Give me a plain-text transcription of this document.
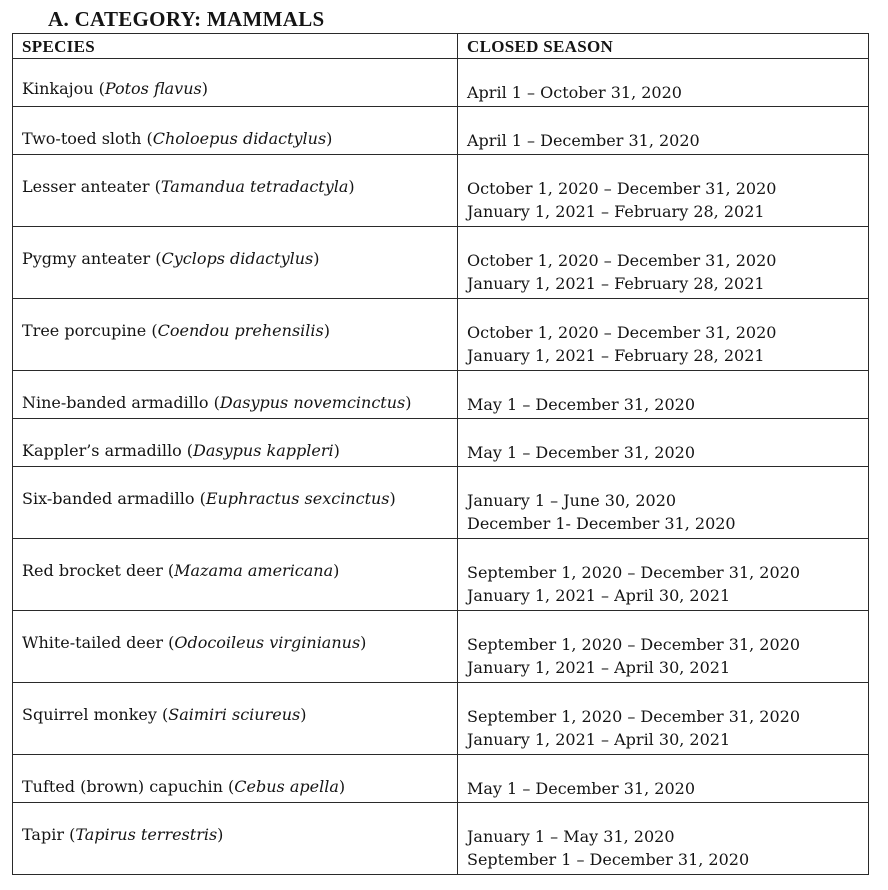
A. CATEGORY: MAMMALS
SPECIES	CLOSED SEASON
Kinkajou (Potos flavus)	April 1 – October 31, 2020

Two-toed sloth (Choloepus didactylus)	April 1 – December 31, 2020

Lesser anteater (Tamandua tetradactyla)	October 1, 2020 – December 31, 2020
January 1, 2021 – February 28, 2021

Pygmy anteater (Cyclops didactylus)	October 1, 2020 – December 31, 2020
January 1, 2021 – February 28, 2021

Tree porcupine (Coendou prehensilis)	October 1, 2020 – December 31, 2020
January 1, 2021 – February 28, 2021

Nine-banded armadillo (Dasypus novemcinctus)	May 1 – December 31, 2020

Kappler’s armadillo (Dasypus kappleri)	May 1 – December 31, 2020

Six-banded armadillo (Euphractus sexcinctus)	January 1 – June 30, 2020
December 1- December 31, 2020

Red brocket deer (Mazama americana)	September 1, 2020 – December 31, 2020
January 1, 2021 – April 30, 2021

White-tailed deer (Odocoileus virginianus)	September 1, 2020 – December 31, 2020
January 1, 2021 – April 30, 2021

Squirrel monkey (Saimiri sciureus)	September 1, 2020 – December 31, 2020
January 1, 2021 – April 30, 2021

Tufted (brown) capuchin (Cebus apella)	May 1 – December 31, 2020

Tapir (Tapirus terrestris)	January 1 – May 31, 2020
September 1 – December 31, 2020
